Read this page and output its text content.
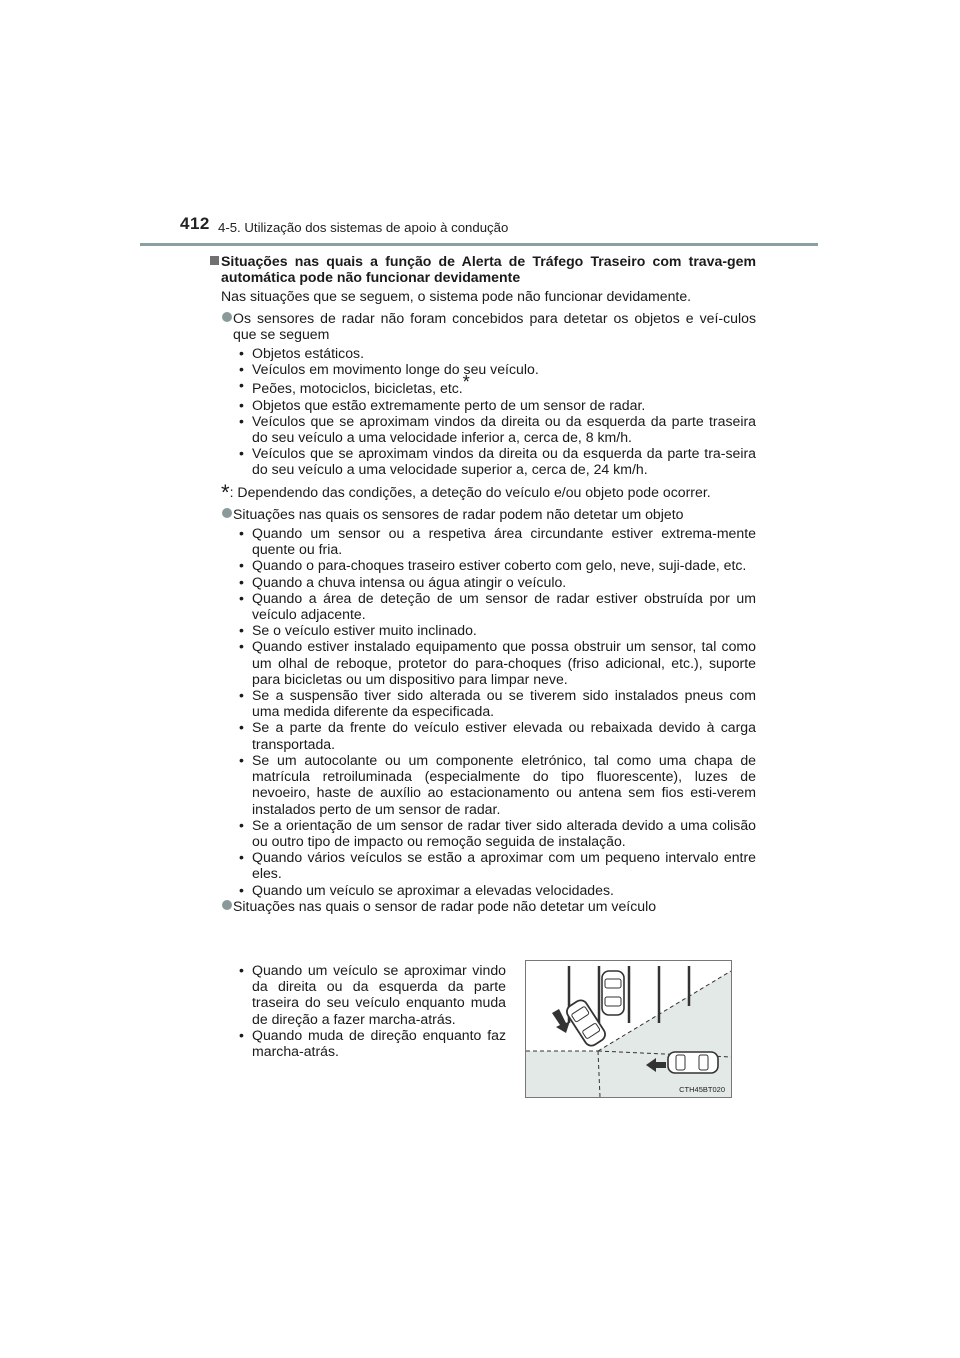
412 4-5. Utilização dos sistemas de apoio à condução
Situações nas quais a função de Alerta de Tráfego Traseiro com trava-gem automática pode não funcionar devidamente
Nas situações que se seguem, o sistema pode não funcionar devidamente.
Os sensores de radar não foram concebidos para detetar os objetos e veí-culos que se seguem
• Objetos estáticos.
• Veículos em movimento longe do seu veículo.
• Peões, motociclos, bicicletas, etc.*
• Objetos que estão extremamente perto de um sensor de radar.
• Veículos que se aproximam vindos da direita ou da esquerda da parte traseira do seu veículo a uma velocidade inferior a, cerca de, 8 km/h.
• Veículos que se aproximam vindos da direita ou da esquerda da parte tra-seira do seu veículo a uma velocidade superior a, cerca de, 24 km/h.
*: Dependendo das condições, a deteção do veículo e/ou objeto pode ocorrer.
Situações nas quais os sensores de radar podem não detetar um objeto
• Quando um sensor ou a respetiva área circundante estiver extrema-mente quente ou fria.
• Quando o para-choques traseiro estiver coberto com gelo, neve, suji-dade, etc.
• Quando a chuva intensa ou água atingir o veículo.
• Quando a área de deteção de um sensor de radar estiver obstruída por um veículo adjacente.
• Se o veículo estiver muito inclinado.
• Quando estiver instalado equipamento que possa obstruir um sensor, tal como um olhal de reboque, protetor do para-choques (friso adicional, etc.), suporte para bicicletas ou um dispositivo para limpar neve.
• Se a suspensão tiver sido alterada ou se tiverem sido instalados pneus com uma medida diferente da especificada.
• Se a parte da frente do veículo estiver elevada ou rebaixada devido à carga transportada.
• Se um autocolante ou um componente eletrónico, tal como uma chapa de matrícula retroiluminada (especialmente do tipo fluorescente), luzes de nevoeiro, haste de auxílio ao estacionamento ou antena sem fios esti-verem instalados perto de um sensor de radar.
• Se a orientação de um sensor de radar tiver sido alterada devido a uma colisão ou outro tipo de impacto ou remoção seguida de instalação.
• Quando vários veículos se estão a aproximar com um pequeno intervalo entre eles.
• Quando um veículo se aproximar a elevadas velocidades.
Situações nas quais o sensor de radar pode não detetar um veículo
• Quando um veículo se aproximar vindo da direita ou da esquerda da parte traseira do seu veículo enquanto muda de direção a fazer marcha-atrás.
• Quando muda de direção enquanto faz marcha-atrás.
CTH45BT020
